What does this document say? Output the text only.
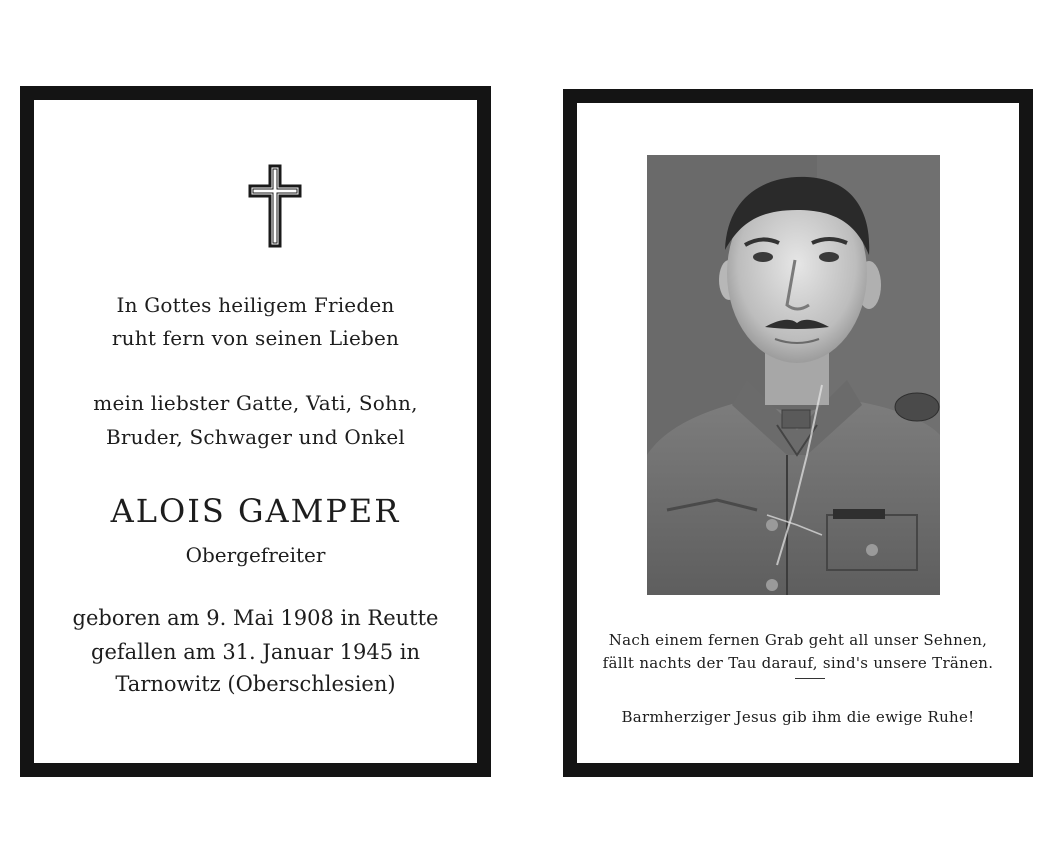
In Gottes heiligem Frieden
ruht fern von seinen Lieben
mein liebster Gatte, Vati, Sohn,
Bruder, Schwager und Onkel
ALOIS GAMPER
Obergefreiter
geboren am 9. Mai 1908 in Reutte
gefallen am 31. Januar 1945 in
Tarnowitz (Oberschlesien)
Nach einem fernen Grab geht all unser Sehnen,
fällt nachts der Tau darauf, sind's unsere Tränen.
Barmherziger Jesus gib ihm die ewige Ruhe!
